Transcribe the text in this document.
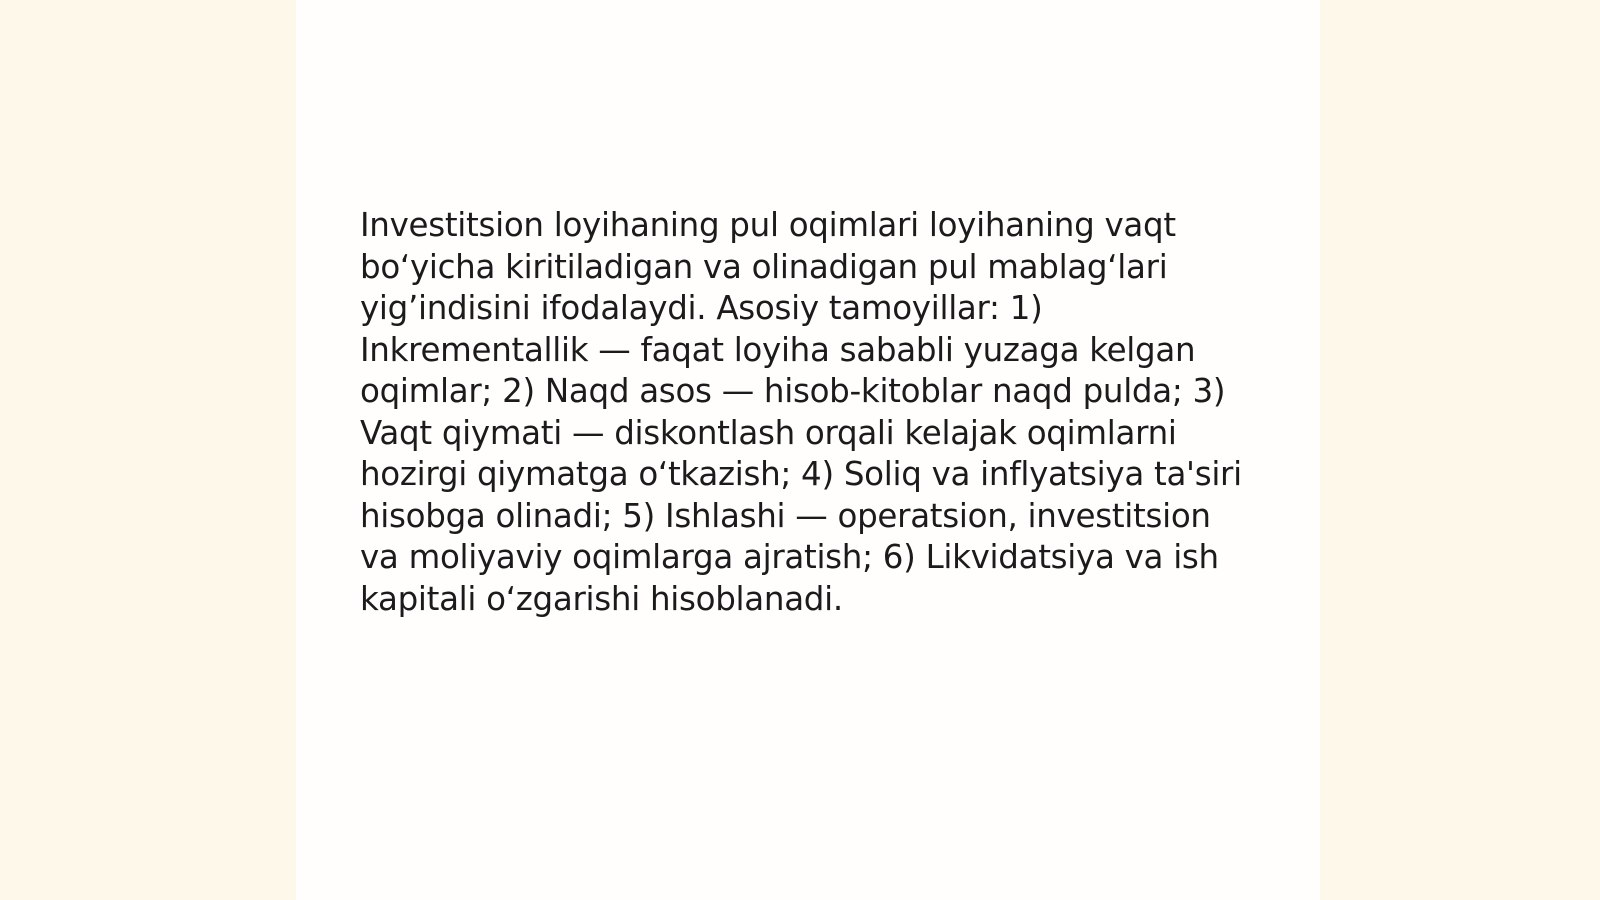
Investitsion loyihaning pul oqimlari loyihaning vaqt
bo‘yicha kiritiladigan va olinadigan pul mablag‘lari
yig’indisini ifodalaydi. Asosiy tamoyillar: 1)
Inkrementallik — faqat loyiha sababli yuzaga kelgan
oqimlar; 2) Naqd asos — hisob-kitoblar naqd pulda; 3)
Vaqt qiymati — diskontlash orqali kelajak oqimlarni
hozirgi qiymatga o‘tkazish; 4) Soliq va inflyatsiya ta'siri
hisobga olinadi; 5) Ishlashi — operatsion, investitsion
va moliyaviy oqimlarga ajratish; 6) Likvidatsiya va ish
kapitali o‘zgarishi hisoblanadi.
